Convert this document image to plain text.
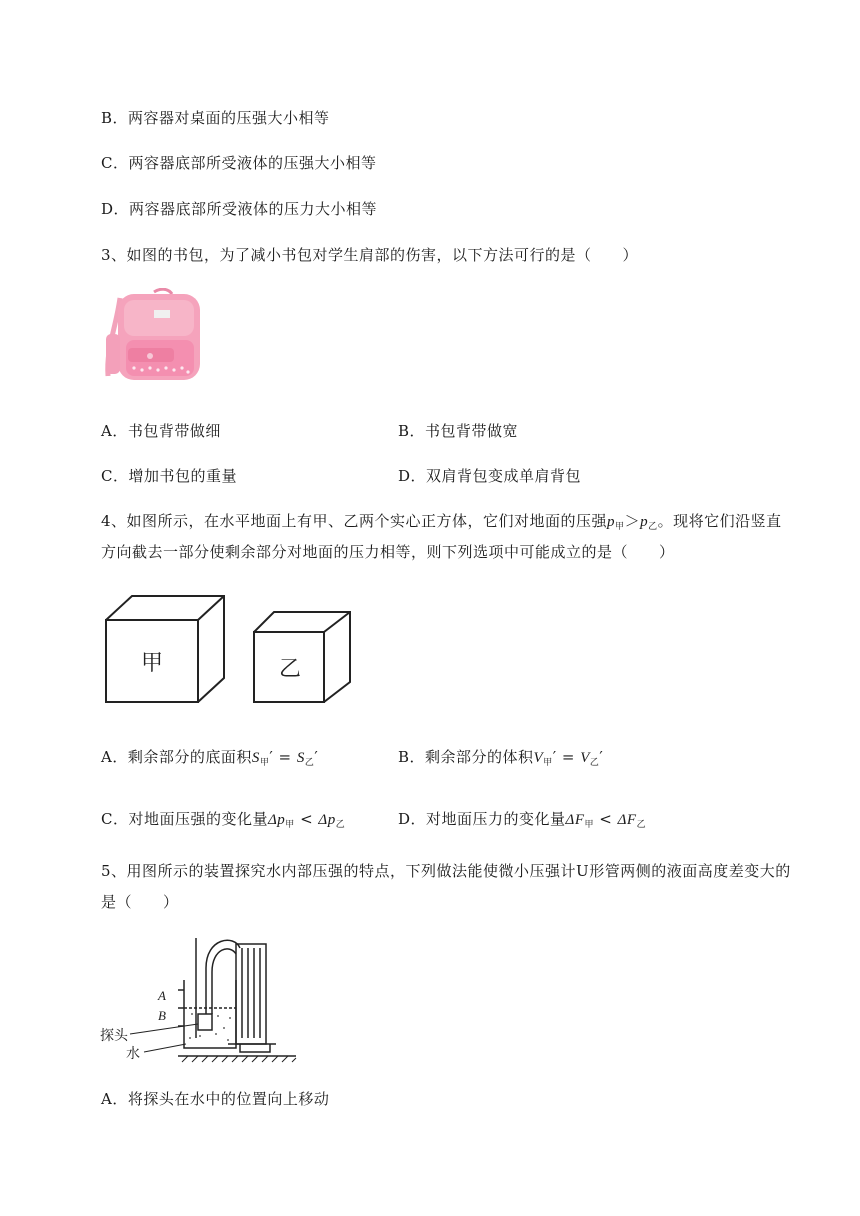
B．两容器对桌面的压强大小相等
C．两容器底部所受液体的压强大小相等
D．两容器底部所受液体的压力大小相等
3、如图的书包，为了减小书包对学生肩部的伤害，以下方法可行的是（　　）
A．书包背带做细	B．书包背带做宽
C．增加书包的重量	D．双肩背包变成单肩背包
4、如图所示，在水平地面上有甲、乙两个实心正方体，它们对地面的压强$p_甲>p_乙$。现将它们沿竖直
方向截去一部分使剩余部分对地面的压力相等，则下列选项中可能成立的是（　　）
甲	乙
A．剩余部分的底面积$S_甲' = S_乙'$	B．剩余部分的体积$V_甲' = V_乙'$
C．对地面压强的变化量$\Delta p_甲 < \Delta p_乙$	D．对地面压力的变化量$\Delta F_甲 < \Delta F_乙$
5、用图所示的装置探究水内部压强的特点，下列做法能使微小压强计U形管两侧的液面高度差变大的
是（　　）
A
B
探头
水
A．将探头在水中的位置向上移动
